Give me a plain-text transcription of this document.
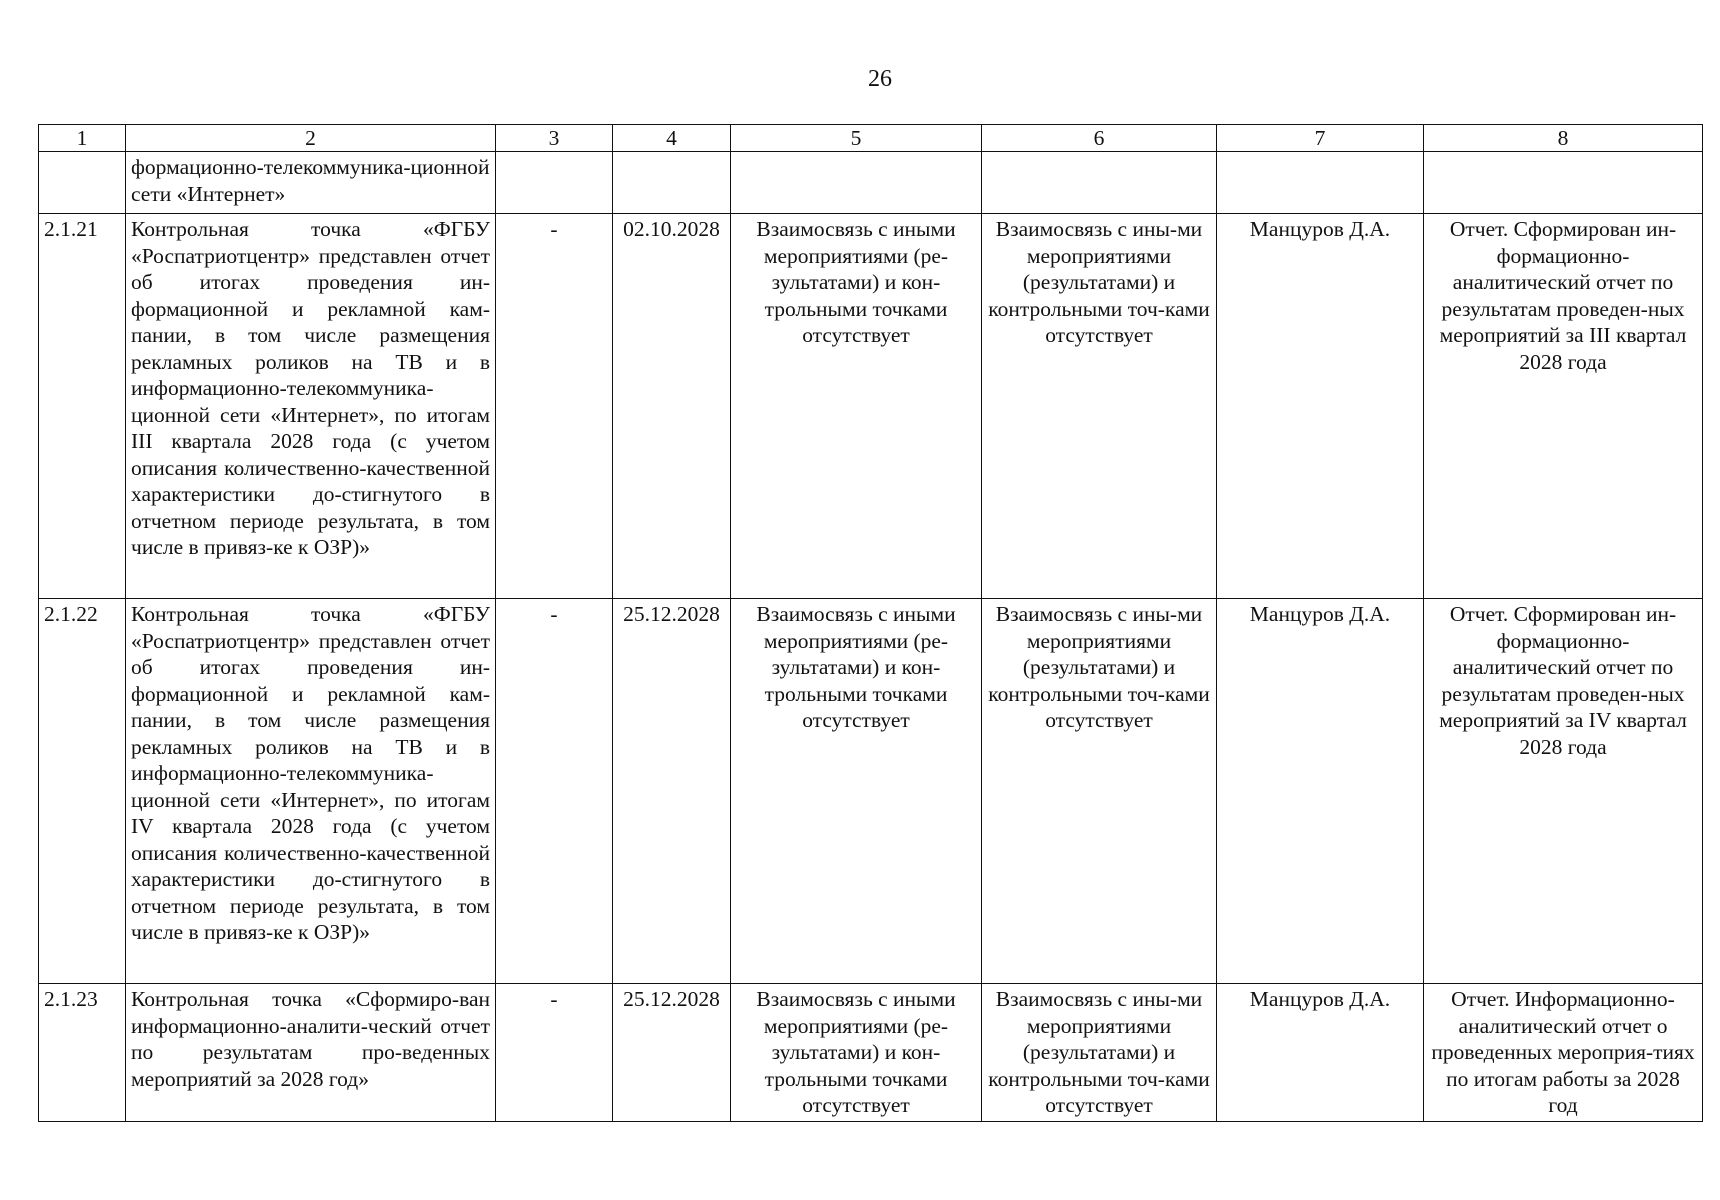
26
1	2	3	4	5	6	7	8
	формационно-телекоммуника-ционной сети «Интернет»						
2.1.21	Контрольная точка «ФГБУ «Роспатриотцентр» представлен отчет об итогах проведения ин-формационной и рекламной кам-пании, в том числе размещения рекламных роликов на ТВ и в информационно-телекоммуника-ционной сети «Интернет», по итогам III квартала 2028 года (с учетом описания количественно-качественной характеристики до-стигнутого в отчетном периоде результата, в том числе в привяз-ке к ОЗР)»	-	02.10.2028	Взаимосвязь с иными мероприятиями (ре-зультатами) и кон-трольными точками отсутствует	Взаимосвязь с ины-ми мероприятиями (результатами) и контрольными точ-ками отсутствует	Манцуров Д.А.	Отчет. Сформирован ин-формационно-аналитический отчет по результатам проведен-ных мероприятий за III квартал 2028 года
2.1.22	Контрольная точка «ФГБУ «Роспатриотцентр» представлен отчет об итогах проведения ин-формационной и рекламной кам-пании, в том числе размещения рекламных роликов на ТВ и в информационно-телекоммуника-ционной сети «Интернет», по итогам IV квартала 2028 года (с учетом описания количественно-качественной характеристики до-стигнутого в отчетном периоде результата, в том числе в привяз-ке к ОЗР)»	-	25.12.2028	Взаимосвязь с иными мероприятиями (ре-зультатами) и кон-трольными точками отсутствует	Взаимосвязь с ины-ми мероприятиями (результатами) и контрольными точ-ками отсутствует	Манцуров Д.А.	Отчет. Сформирован ин-формационно-аналитический отчет по результатам проведен-ных мероприятий за IV квартал 2028 года
2.1.23	Контрольная точка «Сформиро-ван информационно-аналити-ческий отчет по результатам про-веденных мероприятий за 2028 год»	-	25.12.2028	Взаимосвязь с иными мероприятиями (ре-зультатами) и кон-трольными точками отсутствует	Взаимосвязь с ины-ми мероприятиями (результатами) и контрольными точ-ками отсутствует	Манцуров Д.А.	Отчет. Информационно-аналитический отчет о проведенных мероприя-тиях по итогам работы за 2028 год
